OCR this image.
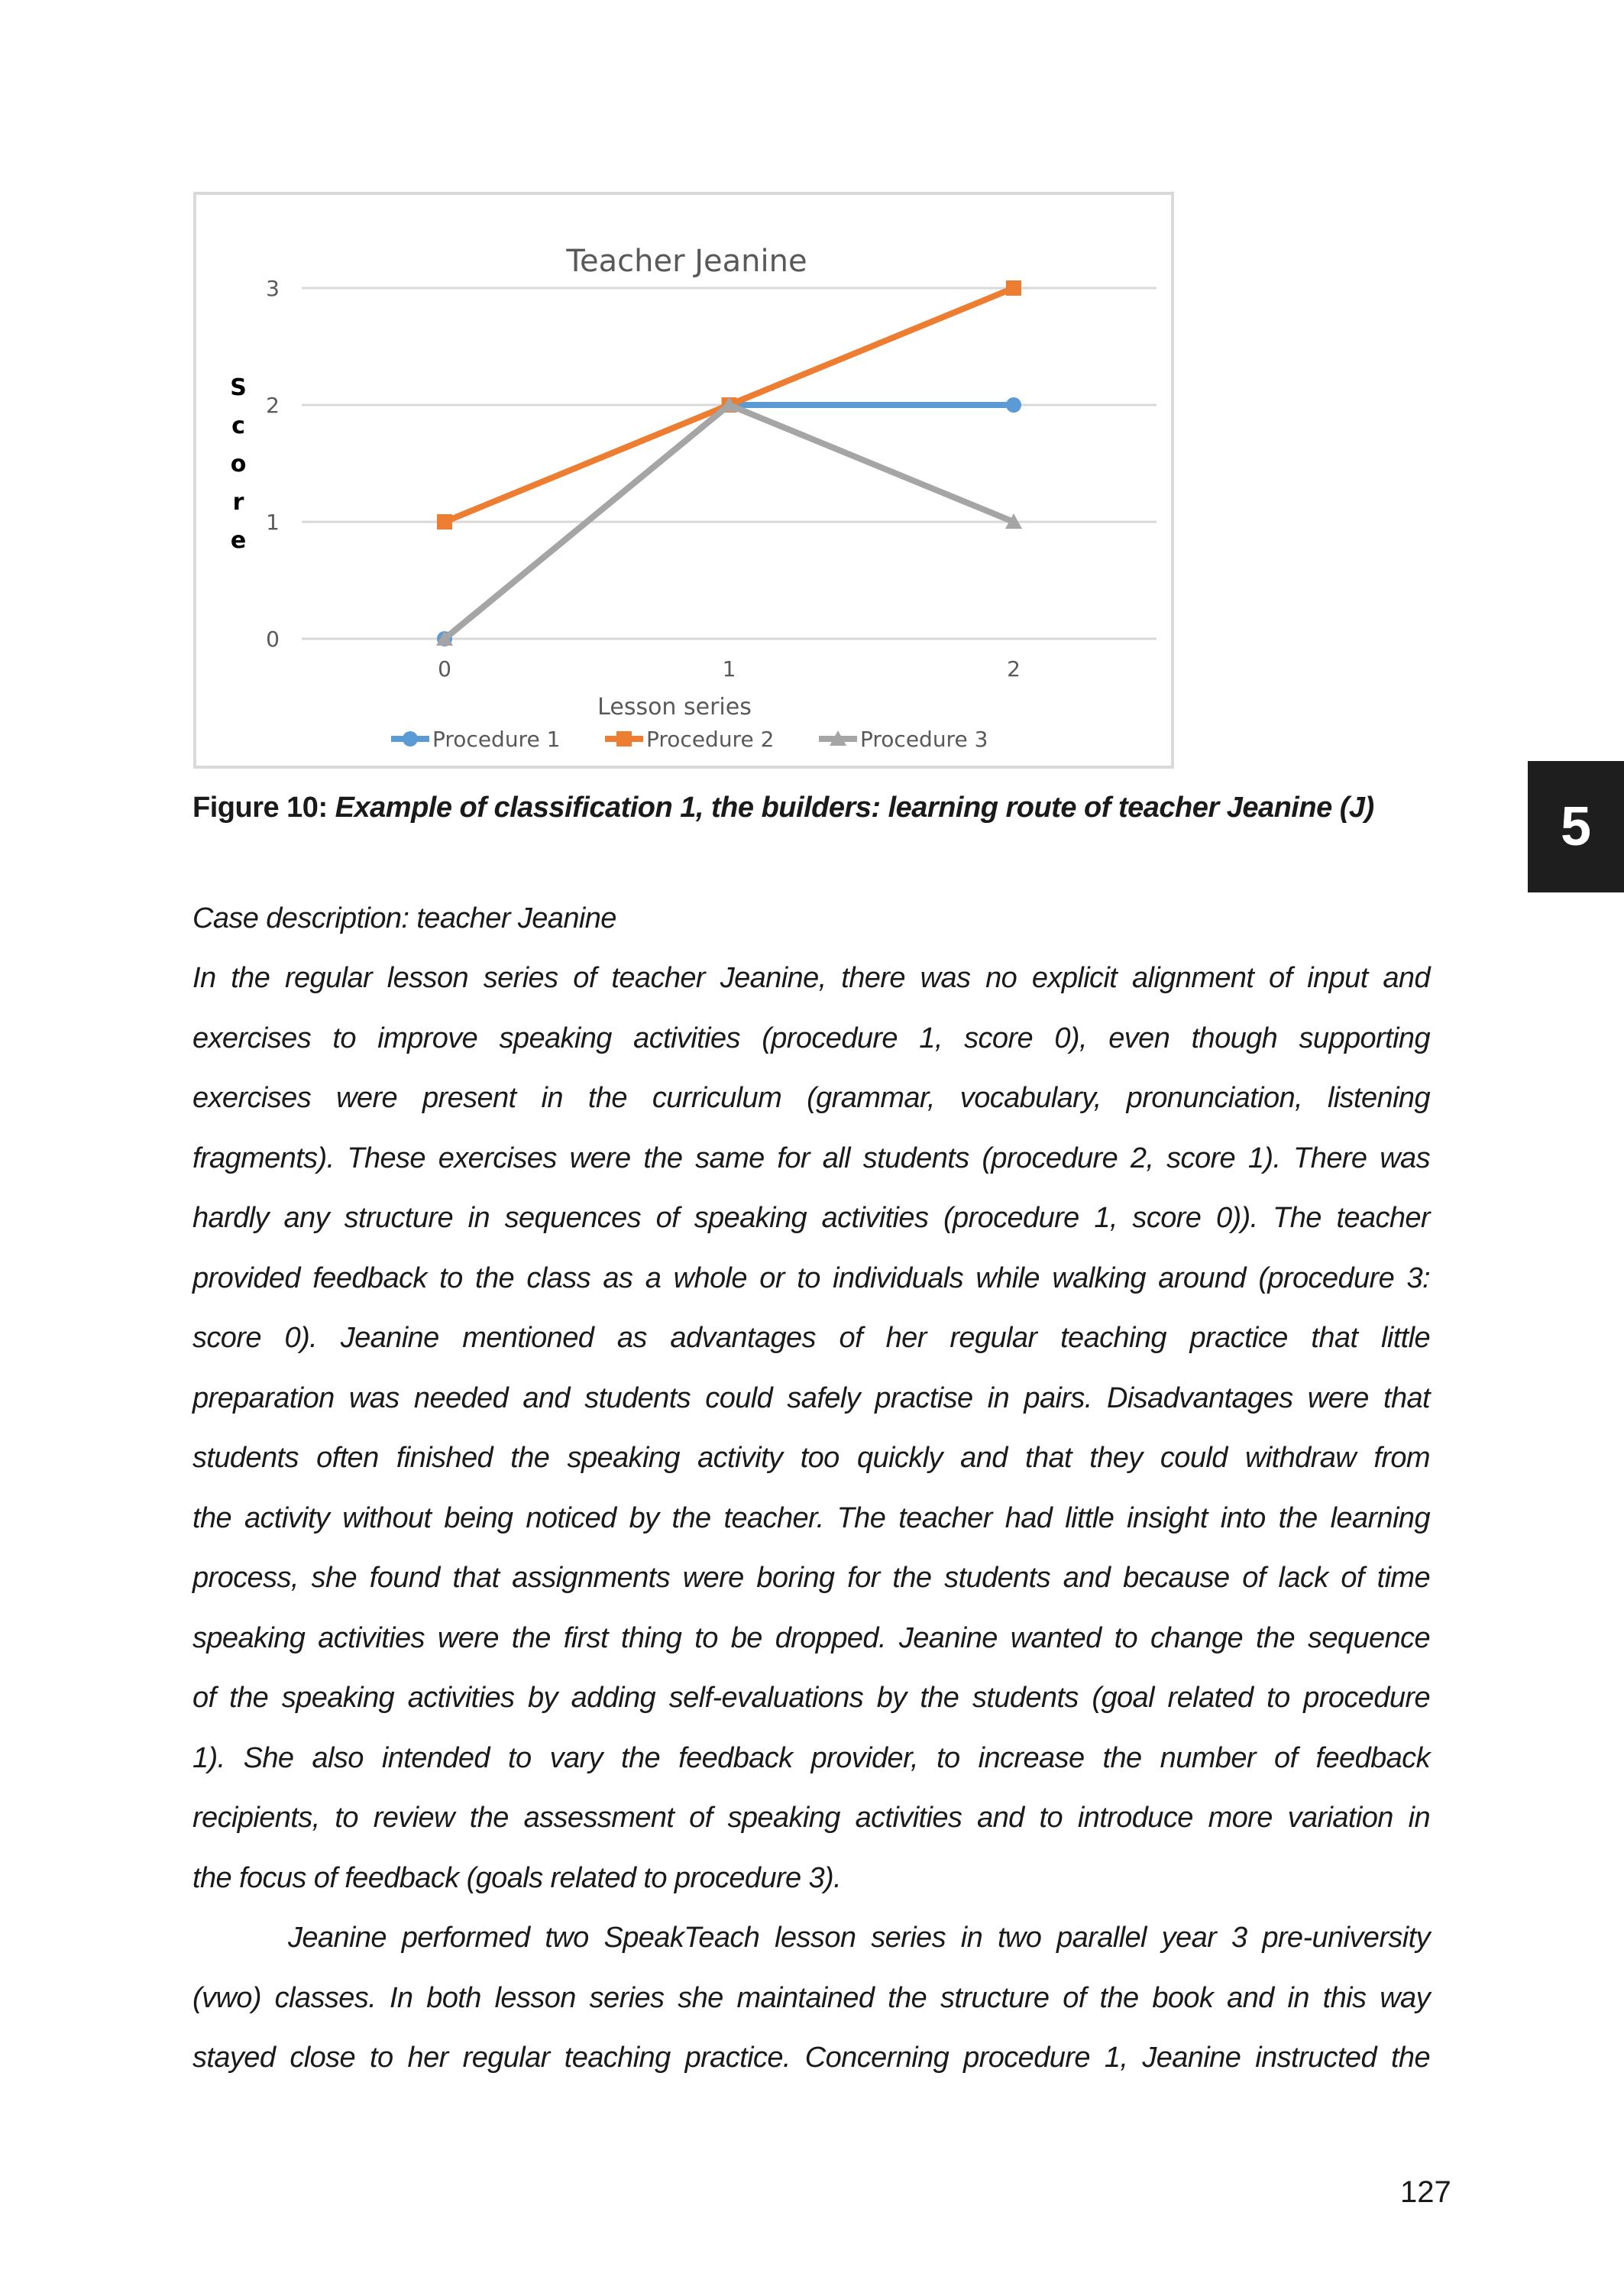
Teacher Jeanine
0
1
2
3
S
c
o
r
e
0	1	2
Lesson series
Procedure 1	Procedure 2	Procedure 3
Figure 10: Example of classification 1, the builders: learning route of teacher Jeanine (J)	5
Case description: teacher Jeanine
In the regular lesson series of teacher Jeanine, there was no explicit alignment of input and
exercises to improve speaking activities (procedure 1, score 0), even though supporting
exercises were present in the curriculum (grammar, vocabulary, pronunciation, listening
fragments). These exercises were the same for all students (procedure 2, score 1). There was
hardly any structure in sequences of speaking activities (procedure 1, score 0)). The teacher
provided feedback to the class as a whole or to individuals while walking around (procedure 3:
score 0). Jeanine mentioned as advantages of her regular teaching practice that little
preparation was needed and students could safely practise in pairs. Disadvantages were that
students often finished the speaking activity too quickly and that they could withdraw from
the activity without being noticed by the teacher. The teacher had little insight into the learning
process, she found that assignments were boring for the students and because of lack of time
speaking activities were the first thing to be dropped. Jeanine wanted to change the sequence
of the speaking activities by adding self-evaluations by the students (goal related to procedure
1). She also intended to vary the feedback provider, to increase the number of feedback
recipients, to review the assessment of speaking activities and to introduce more variation in
the focus of feedback (goals related to procedure 3).
Jeanine performed two SpeakTeach lesson series in two parallel year 3 pre-university
(vwo) classes. In both lesson series she maintained the structure of the book and in this way
stayed close to her regular teaching practice. Concerning procedure 1, Jeanine instructed the
127
